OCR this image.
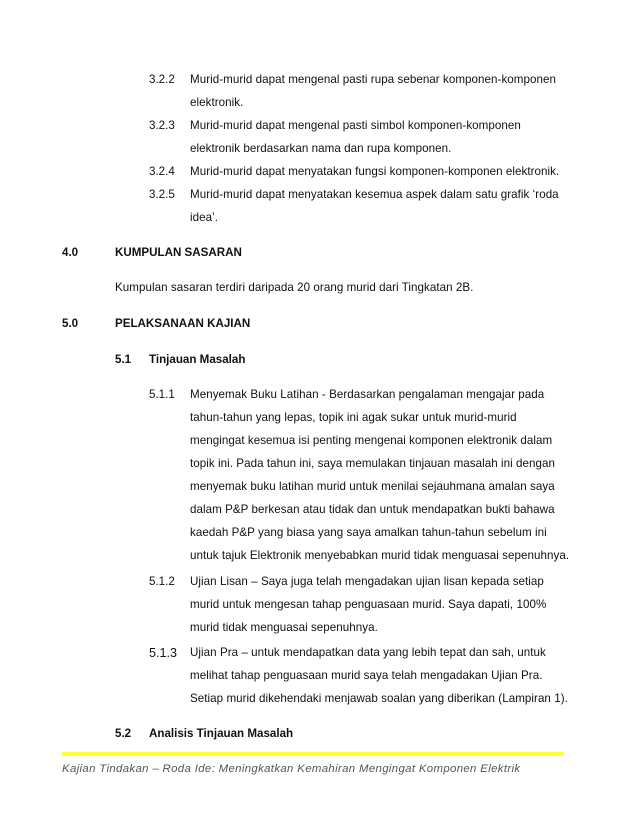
3.2.2 Murid-murid dapat mengenal pasti rupa sebenar komponen-komponen
elektronik.
3.2.3 Murid-murid dapat mengenal pasti simbol komponen-komponen
elektronik berdasarkan nama dan rupa komponen.
3.2.4 Murid-murid dapat menyatakan fungsi komponen-komponen elektronik.
3.2.5 Murid-murid dapat menyatakan kesemua aspek dalam satu grafik ‘roda
idea’.
4.0	KUMPULAN SASARAN
Kumpulan sasaran terdiri daripada 20 orang murid dari Tingkatan 2B.
5.0	PELAKSANAAN KAJIAN
5.1 Tinjauan Masalah
5.1.1 Menyemak Buku Latihan - Berdasarkan pengalaman mengajar pada
tahun-tahun yang lepas, topik ini agak sukar untuk murid-murid
mengingat kesemua isi penting mengenai komponen elektronik dalam
topik ini. Pada tahun ini, saya memulakan tinjauan masalah ini dengan
menyemak buku latihan murid untuk menilai sejauhmana amalan saya
dalam P&P berkesan atau tidak dan untuk mendapatkan bukti bahawa
kaedah P&P yang biasa yang saya amalkan tahun-tahun sebelum ini
untuk tajuk Elektronik menyebabkan murid tidak menguasai sepenuhnya.
5.1.2 Ujian Lisan – Saya juga telah mengadakan ujian lisan kepada setiap
murid untuk mengesan tahap penguasaan murid. Saya dapati, 100%
murid tidak menguasai sepenuhnya.
5.1.3 Ujian Pra – untuk mendapatkan data yang lebih tepat dan sah, untuk
melihat tahap penguasaan murid saya telah mengadakan Ujian Pra.
Setiap murid dikehendaki menjawab soalan yang diberikan (Lampiran 1).
5.2 Analisis Tinjauan Masalah
Kajian Tindakan – Roda Ide: Meningkatkan Kemahiran Mengingat Komponen Elektrik
